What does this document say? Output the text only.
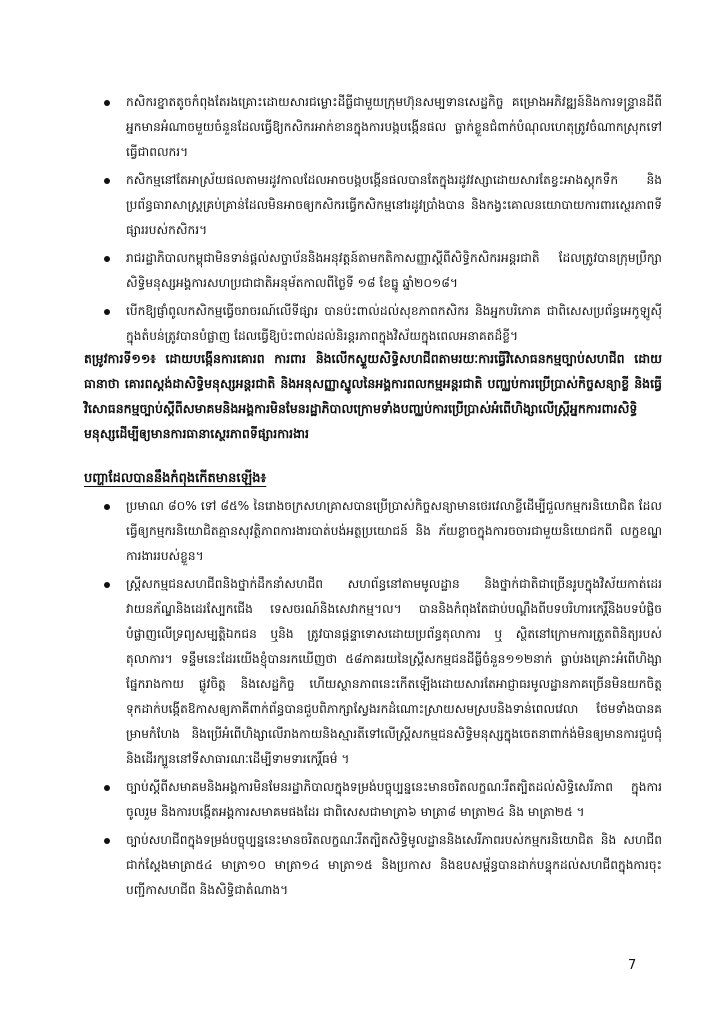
កសិករខ្នាតតូចកំពុងតែរងគ្រោះដោយសារជម្លោះដីធ្លីជាមួយក្រុមហ៊ុនសម្បទានសេដ្ឋកិច្ច គម្រោងអភិវឌ្ឍន៍និងការទន្ទ្រានដីពីអ្នកមានអំណាចមួយចំនួនដែលធ្វើឱ្យកសិករអាក់ខានក្នុងការបង្កបង្កើនផល ធ្លាក់ខ្លួនជំពាក់បំណុលហេតុត្រូវចំណាកស្រុកទៅធ្វើជាពលករ។
កសិកម្មនៅតែអាស្រ័យផលតាមរដូវកាលដែលអាចបង្កបង្កើនផលបានតែក្នុងរដូវវស្សាដោយសារតែខ្វះអាងស្តុកទឹក និងប្រព័ន្ធធារាសាស្ត្រគ្រប់គ្រាន់ដែលមិនអាចឲ្យកសិករធ្វើកសិកម្មនៅរដូវប្រាំងបាន និងកង្វះគោលនយោបាយការពារស្ថេរភាពទីផ្សាររបស់កសិករ។
រាជរដ្ឋាភិបាលកម្ពុជាមិនទាន់ផ្តល់សច្ចាប័ននិងអនុវត្តន៍តាមកតិកាសញ្ញាស្តីពីសិទ្ធិកសិករអន្តរជាតិ ដែលត្រូវបានក្រុមប្រឹក្សាសិទ្ធិមនុស្សអង្គការសហប្រជាជាតិអនុម័តកាលពីថ្ងៃទី ១៨ ខែធ្នូ ឆ្នាំ២០១៨។
បើកឱ្យផ្ញាំពូលកសិកម្មធ្វើចរាចរណ៍លើទីផ្សារ បានប៉ះពាល់ដល់សុខភាពកសិករ និងអ្នកបរិភោគ ជាពិសេសប្រព័ន្ធអេកូឡូស៊ីក្នុងតំបន់ត្រូវបានបំផ្លាញ ដែលធ្វើឱ្យប៉ះពាល់ដល់និរន្តរភាពក្នុងវិស័យក្នុងពេលអនាគតដ៏ខ្លី។
តម្រូវការទី១១៖ ដោយបង្កើនការគោរព ការពារ និងលើកស្ទួយសិទ្ធិសហជីពតាមរយៈការធ្វើវិសោធនកម្មច្បាប់សហជីព ដោយធានាថា គោរពស្តង់ដាសិទ្ធិមនុស្សអន្តរជាតិ និងអនុសញ្ញាស្នូលនៃអង្គការពលកម្មអន្តរជាតិ បញ្ឈប់ការប្រើប្រាស់កិច្ចសន្យាខ្លី និងធ្វើវិសោធនកម្មច្បាប់ស្តីពីសមាគមនិងអង្គការមិនមែនរដ្ឋាភិបាលក្រោមទាំងបញ្ឈប់ការប្រើប្រាស់អំពើហិង្សាលើស្ត្រីអ្នកការពារសិទ្ធិមនុស្សដើម្បីឲ្យមានការធានាស្ថេរភាពទីផ្សារការងារ
បញ្ហាដែលបាននឹងកំពុងកើតមានឡើង៖
ប្រមាណ ៨០% ទៅ ៨៥% នៃរោងចក្រសហគ្រាសបានប្រើប្រាស់កិច្ចសន្យាមានថេរវេលាខ្លីដើម្បីជួលកម្មករនិយោជិត ដែលធ្វើឲ្យកម្មករនិយោជិតគ្មានសុវត្ថិភាពការងារបាត់បង់អត្ថប្រយោជន៍ និង ភ័យខ្លាចក្នុងការចចារជាមួយនិយោជកពី លក្ខខណ្ឌការងាររបស់ខ្លួន។
ស្ត្រីសកម្មជនសហជីពនិងថ្នាក់ដឹកនាំសហជីព សហព័ន្ធនៅតាមមូលដ្ឋាន និងថ្នាក់ជាតិជាច្រើនរូបក្នុងវិស័យកាត់ដេរ វាយនភ័ណ្ឌនិងដេរស្បែកជើង ទេសចរណ៍និងសេវាកម្ម។ល។ បាននិងកំពុងតែជាប់បណ្តឹងពីបទបរិហារកេរ្តិ៍និងបទបំផ្លិចបំផ្លាញលើទ្រព្យសម្បត្តិឯកជន ឬនិង ត្រូវបានផ្តន្ទាទោសដោយប្រព័ន្ធតុលាការ ឬ ស្ថិតនៅក្រោមការត្រួតពិនិត្យរបស់តុលាការ។ ទន្ទឹមនេះដែរយើងខ្ញុំបានរកឃើញថា ៥៨ភាគរយនៃស្ត្រីសកម្មជនដីធ្លីចំនួន១១២នាក់ ធ្លាប់រងគ្រោះអំពើហិង្សាផ្នែករាងកាយ ផ្លូវចិត្ត និងសេដ្ឋកិច្ច ហើយស្ថានភាពនេះកើតឡើងដោយសារតែអាជ្ញាធរមូលដ្ឋានភាគច្រើនមិនយកចិត្តទុកដាក់បង្កើតឱកាសឲ្យភាគីពាក់ព័ន្ធបានជួបពិភាក្សាស្វែងរកដំណោះស្រាយសមស្របនិងទាន់ពេលវេលា ថែមទាំងបានគម្រាមកំហែង និងប្រើអំពើហិង្សាលើរាងកាយនិងស្មារតីទៅលើស្ត្រីសកម្មជនសិទ្ធិមនុស្សក្នុងចេតនាពាក់ង់មិនឲ្យមានការជួបជុំនិងដើរក្បួននៅទីសាធារណៈដើម្បីទាមទារកេរ្តិ៍ធម៌ ។
ច្បាប់ស្តីពីសមាគមនិងអង្គការមិនមែនរដ្ឋាភិបាលក្នុងទម្រង់បច្ចុប្បន្ននេះមានចរិតលក្ខណៈរឹតត្បិតដល់សិទ្ធិសេរីភាព ក្នុងការចូលរួម និងការបង្កើតអង្គការសមាគមផងដែរ ជាពិសេសជាមាត្រា៦ មាត្រា៨ មាត្រា២៤ និង មាត្រា២៥ ។
ច្បាប់សហជីពក្នុងទម្រង់បច្ចុប្បន្ននេះមានចរិតលក្ខណៈរឹតត្បិតសិទ្ធិមូលដ្ឋាននិងសេរីភាពរបស់កម្មករនិយោជិត និង សហជីពជាក់ស្តែងមាត្រា៥៤ មាត្រា១០ មាត្រា១៤ មាត្រា១៥ និងប្រកាស និងឧបសម្ព័ន្ធបានដាក់បន្ទុកដល់សហជីពក្នុងការចុះបញ្ជីកាសហជីព និងសិទ្ធិជាតំណាង។
7
